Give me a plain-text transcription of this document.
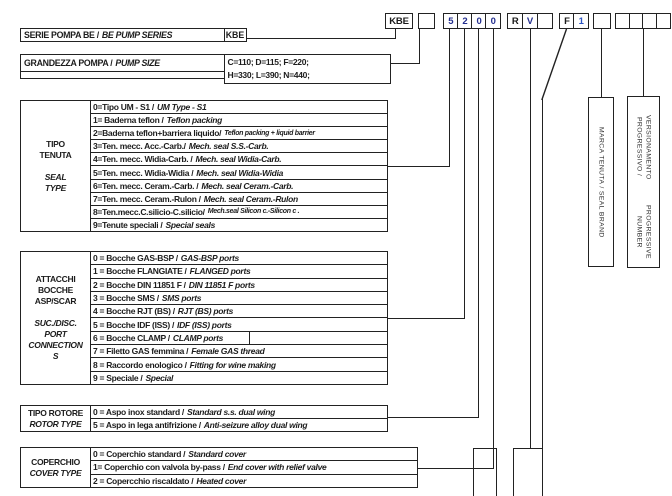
KBE	5 2 0 0	R V	F 1
SERIE POMPA BE / BE PUMP SERIES	KBE
GRANDEZZA POMPA / PUMP SIZE	C=110; D=115; F=220;
H=330; L=390; N=440;
TIPO
TENUTA
SEAL
TYPE
0=Tipo UM - S1 / UM Type - S1
1= Baderna teflon / Teflon packing
2=Baderna teflon+barriera liquido/ Teflon packing + liquid barrier
3=Ten. mecc. Acc.-Carb./ Mech. seal S.S.-Carb.
4=Ten. mecc. Widia-Carb. / Mech. seal Widia-Carb.
5=Ten. mecc. Widia-Widia / Mech. seal Widia-Widia
6=Ten. mecc. Ceram.-Carb. / Mech. seal Ceram.-Carb.
7=Ten. mecc. Ceram.-Rulon / Mech. seal Ceram.-Rulon
8=Ten.mecc.C.silicio-C.silicio/ Mech.seal Silicon c.-Silicon c .
9=Tenute speciali / Special seals
ATTACCHI
BOCCHE
ASP/SCAR
SUC./DISC.
PORT
CONNECTION
S
0 = Bocche GAS-BSP / GAS-BSP ports
1 = Bocche FLANGIATE / FLANGED ports
2 = Bocche DIN 11851 F / DIN 11851 F ports
3 = Bocche SMS / SMS ports
4 = Bocche RJT (BS) / RJT (BS) ports
5 = Bocche IDF (ISS) / IDF (ISS) ports
6 = Bocche CLAMP / CLAMP ports
7 = Filetto GAS femmina / Female GAS thread
8 = Raccordo enologico / Fitting for wine making
9 = Speciale / Special
TIPO ROTORE
ROTOR TYPE
0 = Aspo inox standard / Standard s.s. dual wing
5 = Aspo in lega antifrizione / Anti-seizure alloy dual wing
COPERCHIO
COVER TYPE
0 = Coperchio standard / Standard cover
1= Coperchio con valvola by-pass / End cover with relief valve
2 = Copercchio riscaldato / Heated cover
MARCA TENUTA / SEAL BRAND	VERSIONAMENTO PROGRESSIVO /
PROGRESSIVE NUMBER
